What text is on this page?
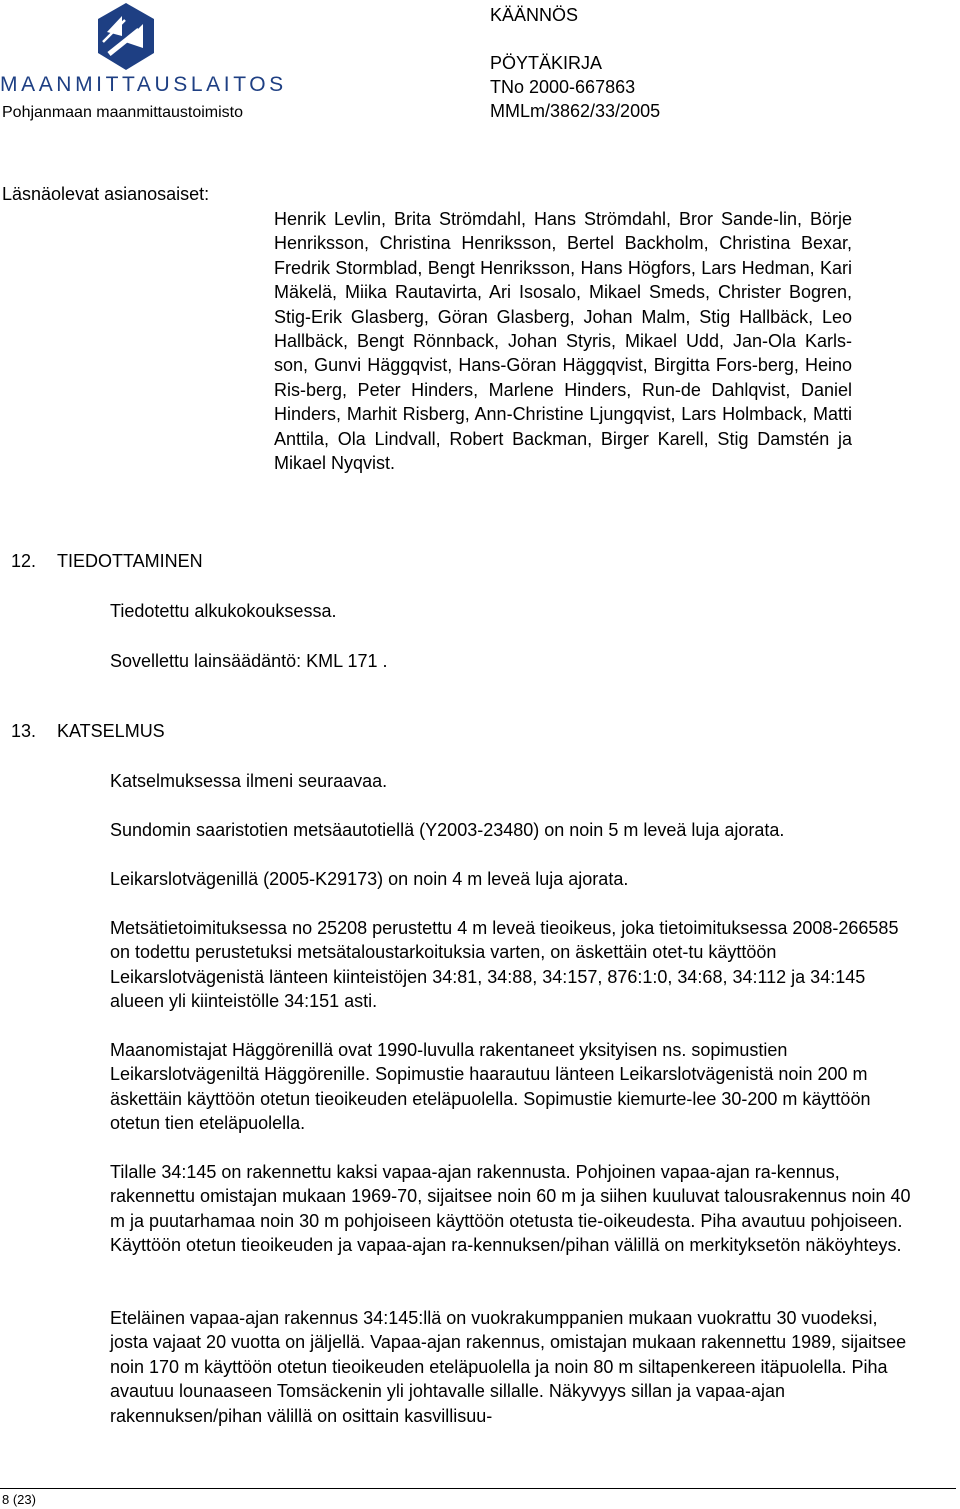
MAANMITTAUSLAITOS
Pohjanmaan maanmittaustoimisto
KÄÄNNÖS
PÖYTÄKIRJA
TNo 2000-667863
MMLm/3862/33/2005
Läsnäolevat asianosaiset:
Henrik Levlin, Brita Strömdahl, Hans Strömdahl, Bror Sande-lin, Börje Henriksson, Christina Henriksson, Bertel Backholm, Christina Bexar, Fredrik Stormblad, Bengt Henriksson, Hans Högfors, Lars Hedman, Kari Mäkelä, Miika Rautavirta, Ari Isosalo, Mikael Smeds, Christer Bogren, Stig-Erik Glasberg, Göran Glasberg, Johan Malm, Stig Hallbäck, Leo Hallbäck, Bengt Rönnback, Johan Styris, Mikael Udd, Jan-Ola Karls-son, Gunvi Häggqvist, Hans-Göran Häggqvist, Birgitta Fors-berg, Heino Ris-berg, Peter Hinders, Marlene Hinders, Run-de Dahlqvist, Daniel Hinders, Marhit Risberg, Ann-Christine Ljungqvist, Lars Holmback, Matti Anttila, Ola Lindvall, Robert Backman, Birger Karell, Stig Damstén ja Mikael Nyqvist.
12. TIEDOTTAMINEN
Tiedotettu alkukokouksessa.
Sovellettu lainsäädäntö: KML 171 .
13. KATSELMUS
Katselmuksessa ilmeni seuraavaa.
Sundomin saaristotien metsäautotiellä (Y2003-23480) on noin 5 m leveä luja ajorata.
Leikarslotvägenillä (2005-K29173) on noin 4 m leveä luja ajorata.
Metsätietoimituksessa no 25208 perustettu 4 m leveä tieoikeus, joka tietoimituksessa 2008-266585 on todettu perustetuksi metsätaloustarkoituksia varten, on äskettäin otet-tu käyttöön Leikarslotvägenistä länteen kiinteistöjen 34:81, 34:88, 34:157, 876:1:0, 34:68, 34:112 ja 34:145 alueen yli kiinteistölle 34:151 asti.
Maanomistajat Häggörenillä ovat 1990-luvulla rakentaneet yksityisen ns. sopimustien Leikarslotvägeniltä Häggörenille. Sopimustie haarautuu länteen Leikarslotvägenistä noin 200 m äskettäin käyttöön otetun tieoikeuden eteläpuolella. Sopimustie kiemurte-lee 30-200 m käyttöön otetun tien eteläpuolella.
Tilalle 34:145 on rakennettu kaksi vapaa-ajan rakennusta. Pohjoinen vapaa-ajan ra-kennus, rakennettu omistajan mukaan 1969-70, sijaitsee noin 60 m ja siihen kuuluvat talousrakennus noin 40 m ja puutarhamaa noin 30 m pohjoiseen käyttöön otetusta tie-oikeudesta. Piha avautuu pohjoiseen. Käyttöön otetun tieoikeuden ja vapaa-ajan ra-kennuksen/pihan välillä on merkityksetön näköyhteys.
Eteläinen vapaa-ajan rakennus 34:145:llä on vuokrakumppanien mukaan vuokrattu 30 vuodeksi, josta vajaat 20 vuotta on jäljellä. Vapaa-ajan rakennus, omistajan mukaan rakennettu 1989, sijaitsee noin 170 m käyttöön otetun tieoikeuden eteläpuolella ja noin 80 m siltapenkereen itäpuolella. Piha avautuu lounaaseen Tomsäckenin yli johtavalle sillalle. Näkyvyys sillan ja vapaa-ajan rakennuksen/pihan välillä on osittain kasvillisuu-
8 (23)
